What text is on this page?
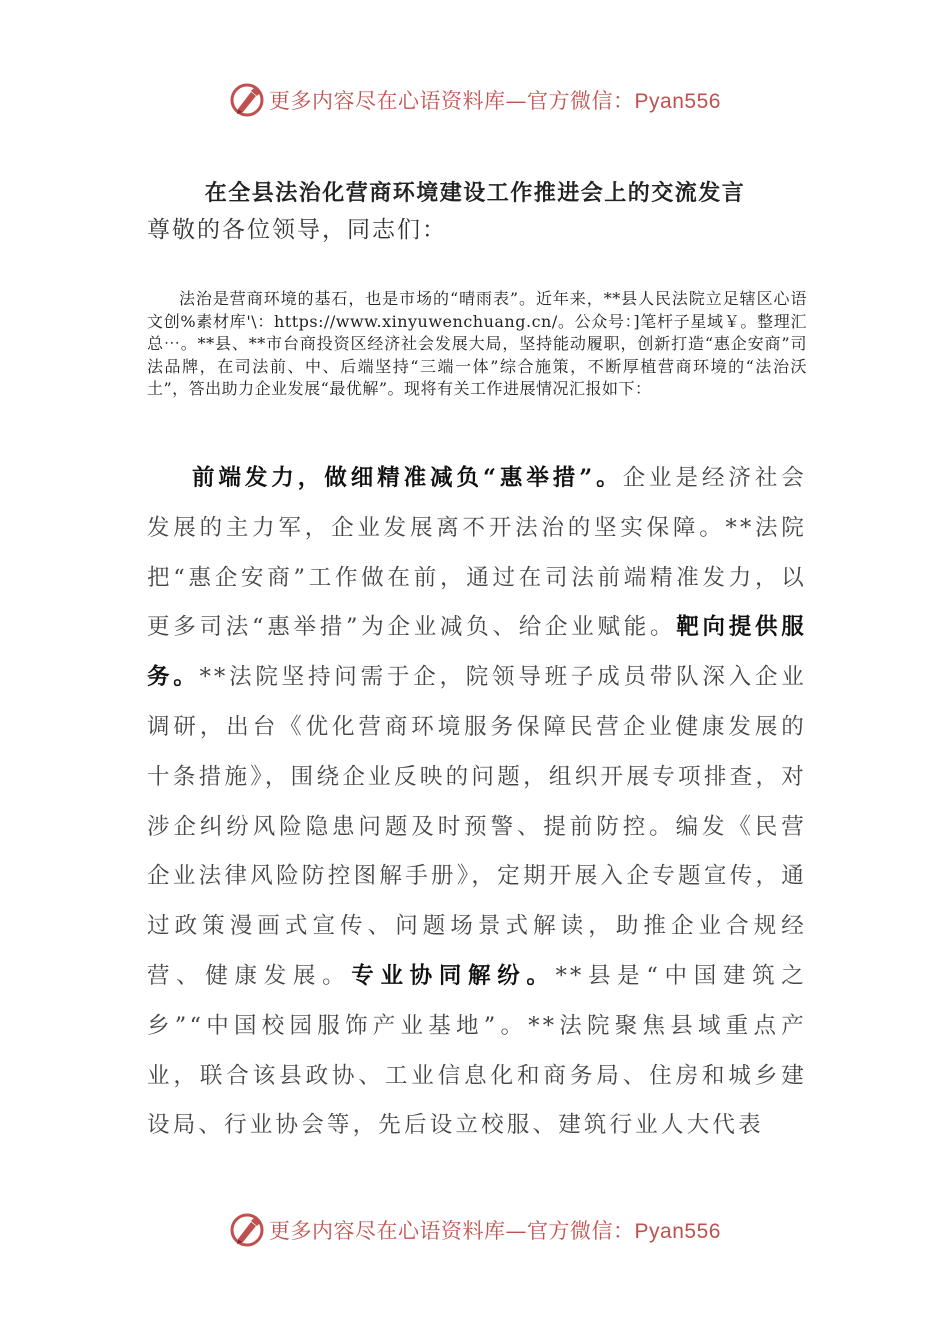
更多内容尽在心语资料库—官方微信：Pyan556
在全县法治化营商环境建设工作推进会上的交流发言
尊敬的各位领导，同志们：

法治是营商环境的基石，也是市场的“晴雨表”。近年来，**县人民法院立足辖区心语文创%素材库'\：https://www.xinyuwenchuang.cn/。公众号：]笔杆子星域￥。整理汇总⋯。**县、**市台商投资区经济社会发展大局，坚持能动履职，创新打造“惠企安商”司法品牌，在司法前、中、后端坚持“三端一体”综合施策，不断厚植营商环境的“法治沃土”，答出助力企业发展“最优解”。现将有关工作进展情况汇报如下：

前端发力，做细精准减负“惠举措”。企业是经济社会发展的主力军，企业发展离不开法治的坚实保障。**法院把“惠企安商”工作做在前，通过在司法前端精准发力，以更多司法“惠举措”为企业减负、给企业赋能。靶向提供服务。**法院坚持问需于企，院领导班子成员带队深入企业调研，出台《优化营商环境服务保障民营企业健康发展的十条措施》，围绕企业反映的问题，组织开展专项排查，对涉企纠纷风险隐患问题及时预警、提前防控。编发《民营企业法律风险防控图解手册》，定期开展入企专题宣传，通过政策漫画式宣传、问题场景式解读，助推企业合规经营、健康发展。专业协同解纷。**县是“中国建筑之乡”“中国校园服饰产业基地”。**法院聚焦县域重点产业，联合该县政协、工业信息化和商务局、住房和城乡建设局、行业协会等，先后设立校服、建筑行业人大代表

更多内容尽在心语资料库—官方微信：Pyan556
